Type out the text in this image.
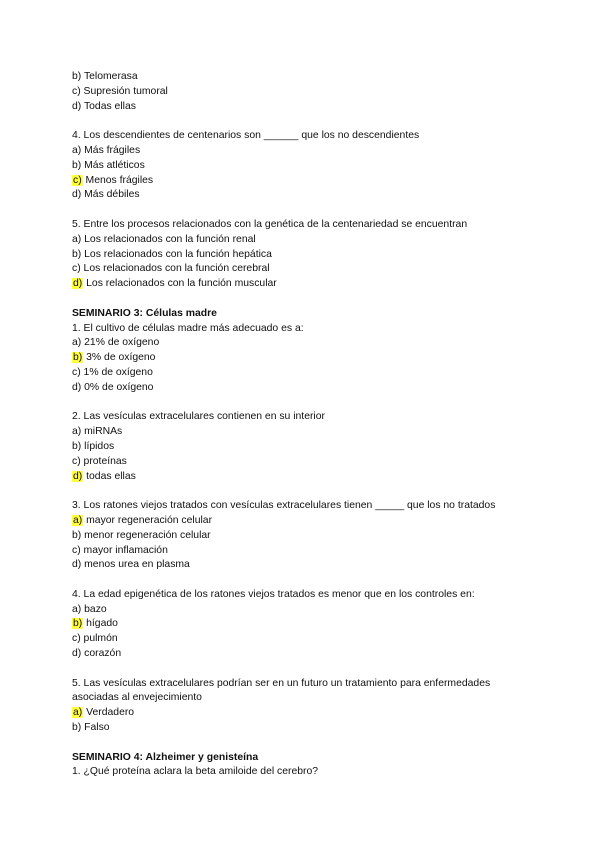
b) Telomerasa
c) Supresión tumoral
d) Todas ellas
4. Los descendientes de centenarios son ______ que los no descendientes
a) Más frágiles
b) Más atléticos
c) Menos frágiles
d) Más débiles
5. Entre los procesos relacionados con la genética de la centenariedad se encuentran
a) Los relacionados con la función renal
b) Los relacionados con la función hepática
c) Los relacionados con la función cerebral
d) Los relacionados con la función muscular
SEMINARIO 3: Células madre
1. El cultivo de células madre más adecuado es a:
a) 21% de oxígeno
b) 3% de oxígeno
c) 1% de oxígeno
d) 0% de oxígeno
2. Las vesículas extracelulares contienen en su interior
a) miRNAs
b) lípidos
c) proteínas
d) todas ellas
3. Los ratones viejos tratados con vesículas extracelulares tienen _____ que los no tratados
a) mayor regeneración celular
b) menor regeneración celular
c) mayor inflamación
d) menos urea en plasma
4. La edad epigenética de los ratones viejos tratados es menor que en los controles en:
a) bazo
b) hígado
c) pulmón
d) corazón
5. Las vesículas extracelulares podrían ser en un futuro un tratamiento para enfermedades asociadas al envejecimiento
a) Verdadero
b) Falso
SEMINARIO 4: Alzheimer y genisteína
1. ¿Qué proteína aclara la beta amiloide del cerebro?
